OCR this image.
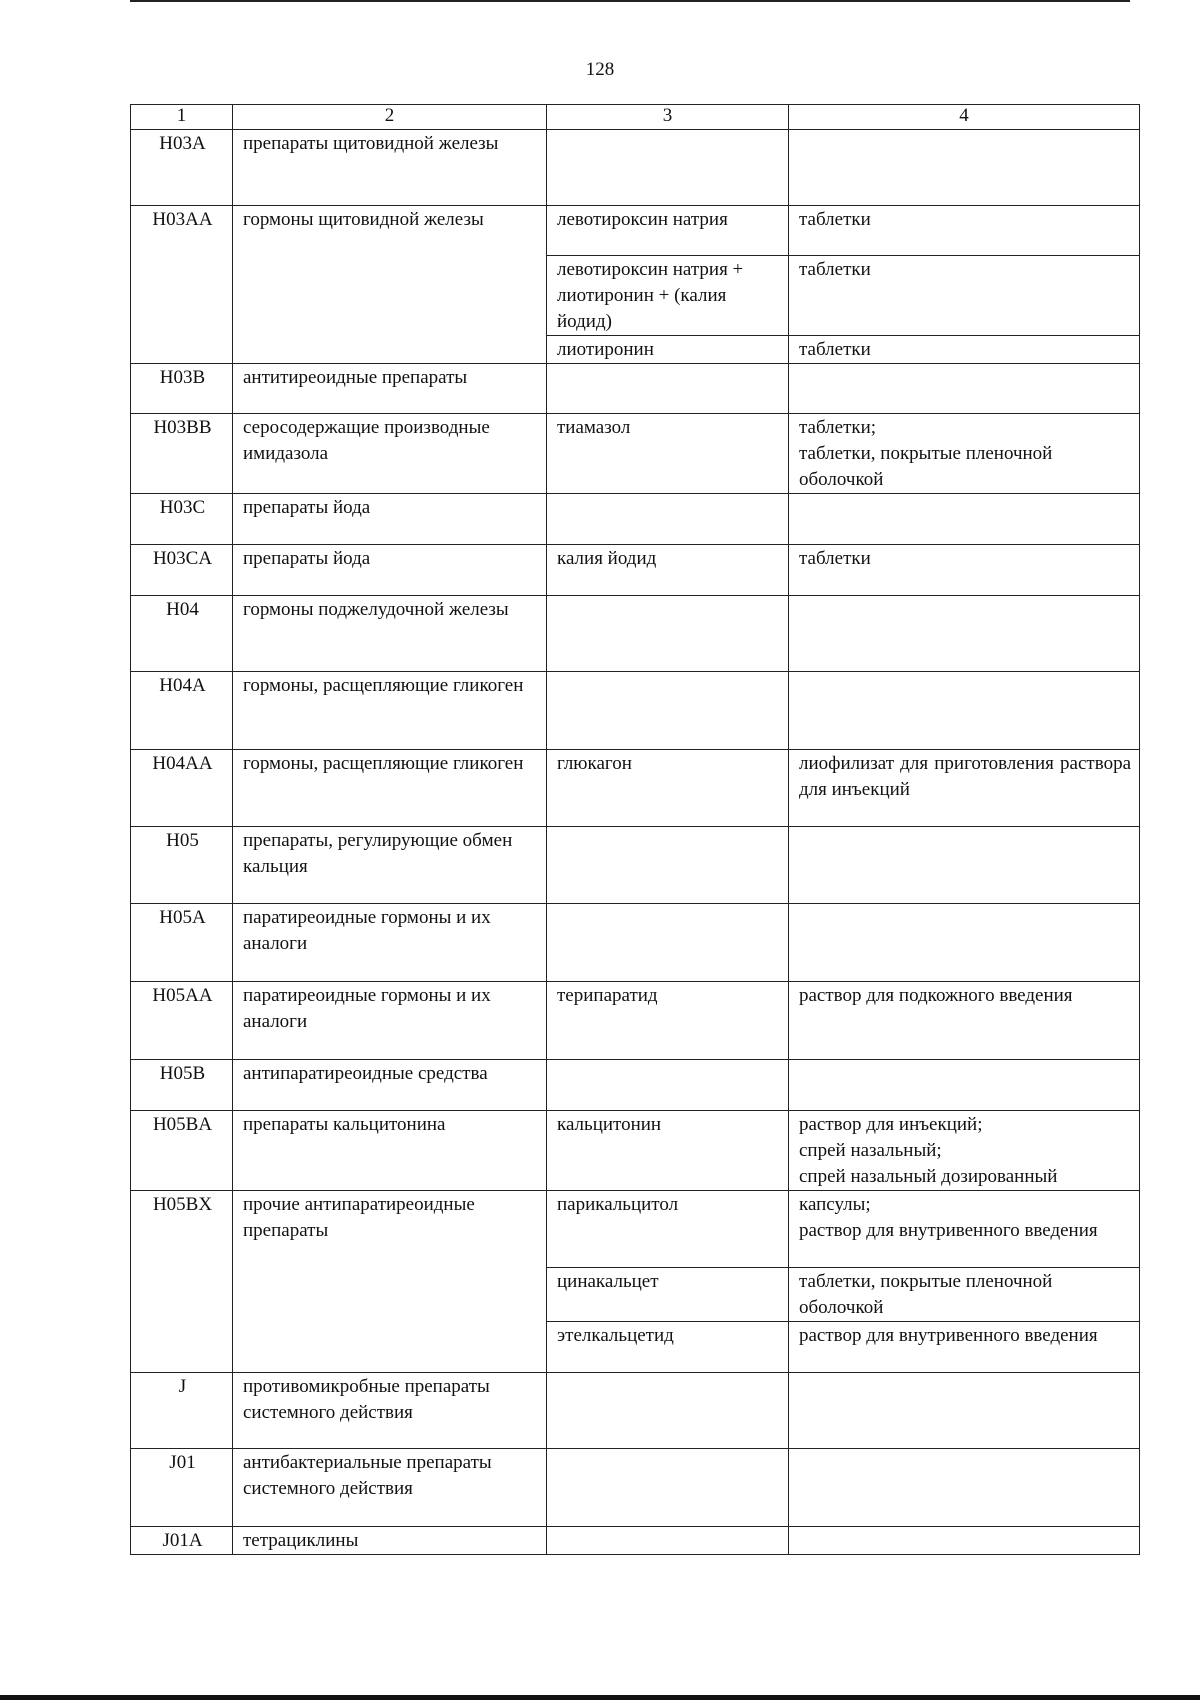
128
1	2	3	4
H03A	препараты щитовидной железы		
H03AA	гормоны щитовидной железы	левотироксин натрия	таблетки

		левотироксин натрия + лиотиронин + (калия йодид)	таблетки

		лиотиронин	таблетки

H03B	антитиреоидные препараты		
H03BB	серосодержащие производные имидазола	тиамазол	таблетки;
таблетки, покрытые пленочной оболочкой

H03C	препараты йода		
H03CA	препараты йода	калия йодид	таблетки

H04	гормоны поджелудочной железы		
H04A	гормоны, расщепляющие гликоген		
H04AA	гормоны, расщепляющие гликоген	глюкагон	лиофилизат для приготовления раствора для инъекций

H05	препараты, регулирующие обмен кальция		
H05A	паратиреоидные гормоны и их аналоги		
H05AA	паратиреоидные гормоны и их аналоги	терипаратид	раствор для подкожного введения

H05B	антипаратиреоидные средства		
H05BA	препараты кальцитонина	кальцитонин	раствор для инъекций;
спрей назальный;
спрей назальный дозированный

H05BX	прочие антипаратиреоидные препараты	парикальцитол	капсулы;
раствор для внутривенного введения

		цинакальцет	таблетки, покрытые пленочной оболочкой

		этелкальцетид	раствор для внутривенного введения

J	противомикробные препараты системного действия		
J01	антибактериальные препараты системного действия		
J01A	тетрациклины		
